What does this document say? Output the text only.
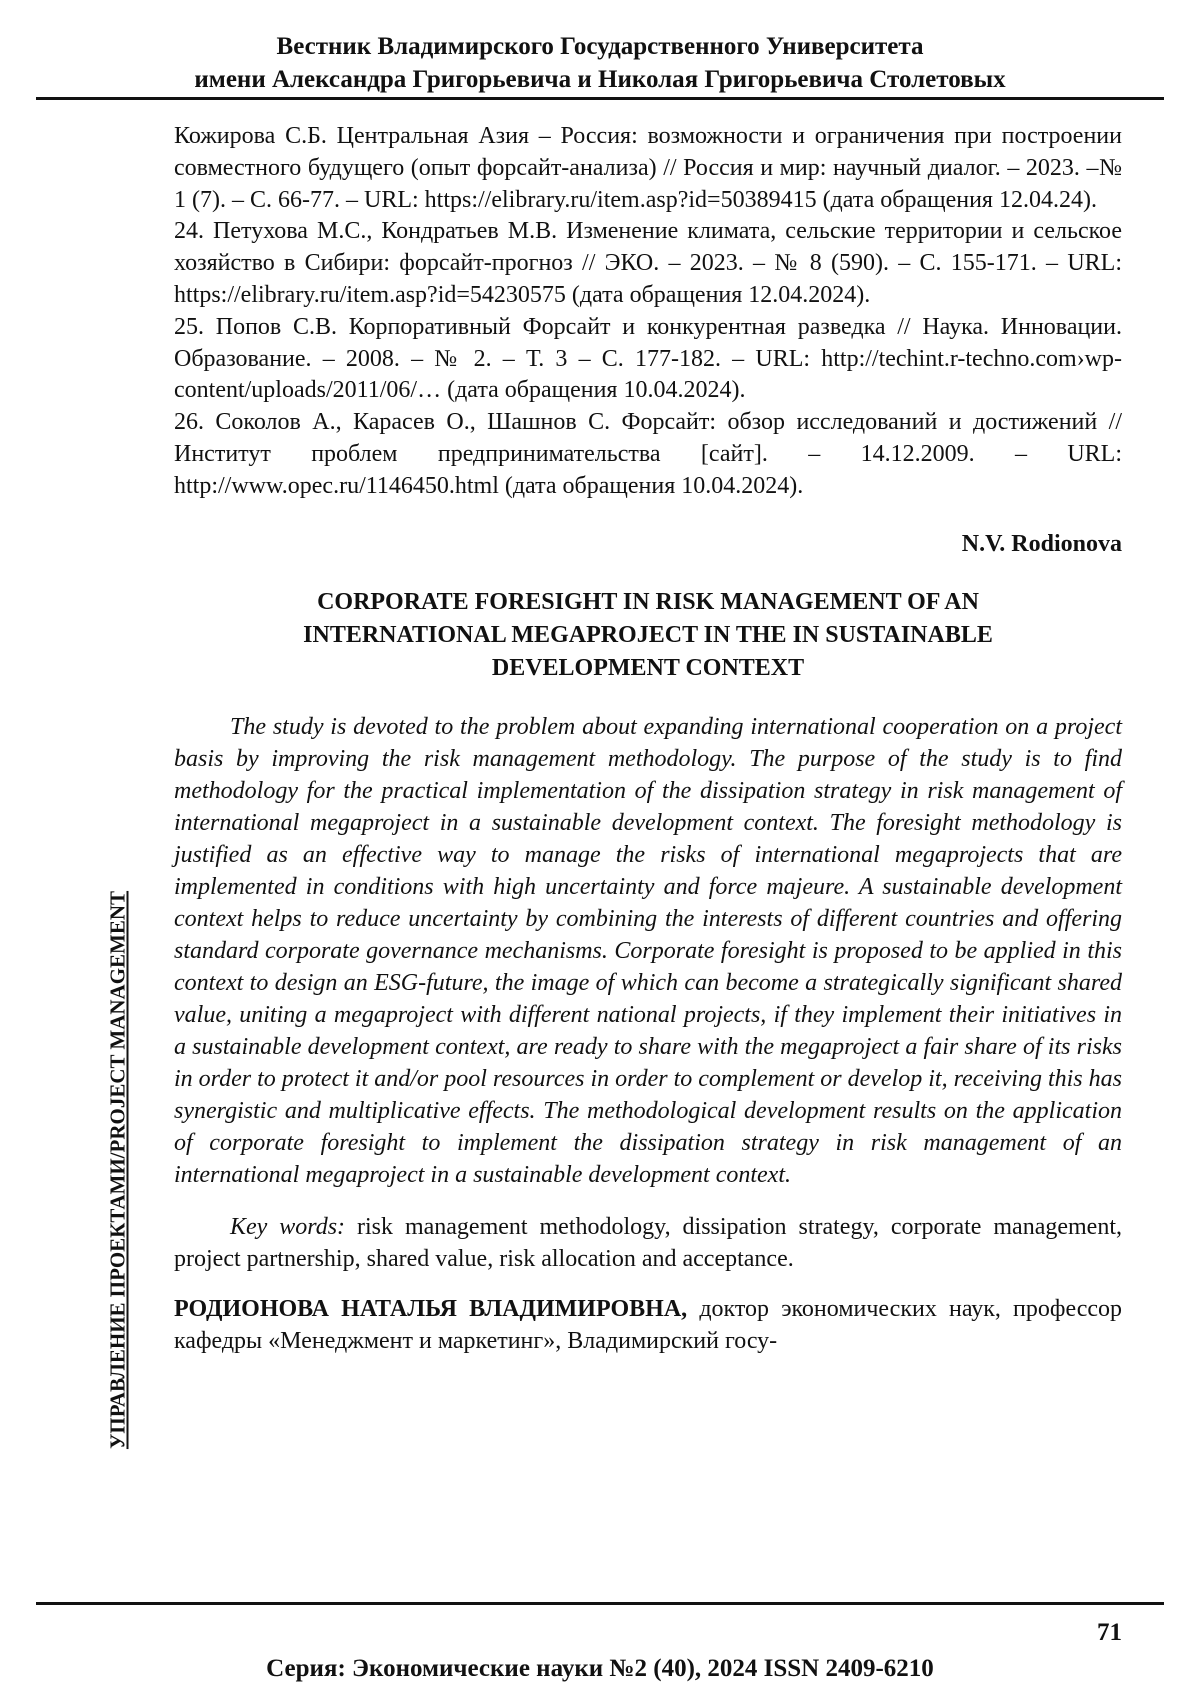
Вестник Владимирского Государственного Университета
имени Александра Григорьевича и Николая Григорьевича Столетовых
УПРАВЛЕНИЕ ПРОЕКТАМИ/PROJECT MANAGEMENT

Кожирова С.Б. Центральная Азия – Россия: возможности и ограничения при построении совместного будущего (опыт форсайт-анализа) // Россия и мир: научный диалог. – 2023. –№ 1 (7). – С. 66-77. – URL: https://elibrary.ru/item.asp?id=50389415 (дата обращения 12.04.24).

24. Петухова М.С., Кондратьев М.В. Изменение климата, сельские территории и сельское хозяйство в Сибири: форсайт-прогноз // ЭКО. – 2023. – № 8 (590). – С. 155-171. – URL: https://elibrary.ru/item.asp?id=54230575 (дата обращения 12.04.2024).

25. Попов С.В. Корпоративный Форсайт и конкурентная разведка // Наука. Инновации. Образование. – 2008. – № 2. – Т. 3 – С. 177-182. – URL: http://techint.r-techno.com›wp-content/uploads/2011/06/… (дата обращения 10.04.2024).

26. Соколов А., Карасев О., Шашнов С. Форсайт: обзор исследований и достижений // Институт проблем предпринимательства [сайт]. – 14.12.2009. – URL: http://www.opec.ru/1146450.html (дата обращения 10.04.2024).

N.V. Rodionova
CORPORATE FORESIGHT IN RISK MANAGEMENT OF AN
INTERNATIONAL MEGAPROJECT IN THE IN SUSTAINABLE
DEVELOPMENT CONTEXT

The study is devoted to the problem about expanding international cooperation on a project basis by improving the risk management methodology. The purpose of the study is to find methodology for the practical implementation of the dissipation strategy in risk management of international megaproject in a sustainable development context. The foresight methodology is justified as an effective way to manage the risks of international megaprojects that are implemented in conditions with high uncertainty and force majeure. A sustainable development context helps to reduce uncertainty by combining the interests of different countries and offering standard corporate governance mechanisms. Corporate foresight is proposed to be applied in this context to design an ESG-future, the image of which can become a strategically significant shared value, uniting a megaproject with different national projects, if they implement their initiatives in a sustainable development context, are ready to share with the megaproject a fair share of its risks in order to protect it and/or pool resources in order to complement or develop it, receiving this has synergistic and multiplicative effects. The methodological development results on the application of corporate foresight to implement the dissipation strategy in risk management of an international megaproject in a sustainable development context.

Key words: risk management methodology, dissipation strategy, corporate management, project partnership, shared value, risk allocation and acceptance.

РОДИОНОВА НАТАЛЬЯ ВЛАДИМИРОВНА, доктор экономических наук, профессор кафедры «Менеджмент и маркетинг», Владимирский госу-

71
Серия: Экономические науки №2 (40), 2024 ISSN 2409-6210
